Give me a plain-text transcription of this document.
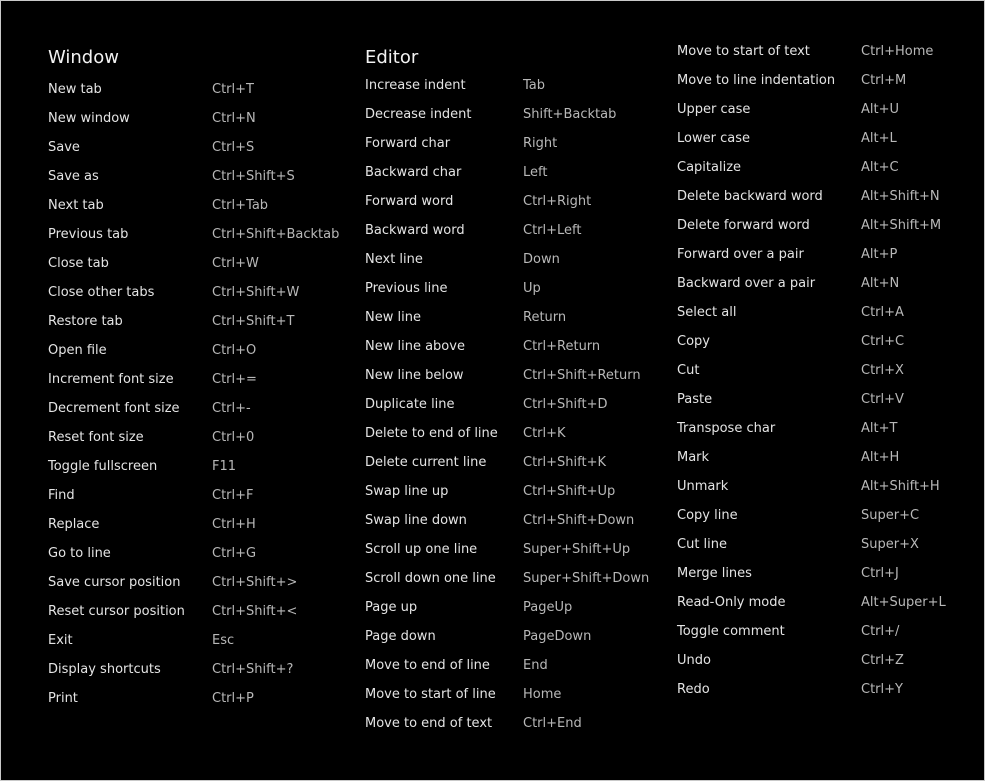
Window
New tab	Ctrl+T
New window	Ctrl+N
Save	Ctrl+S
Save as	Ctrl+Shift+S
Next tab	Ctrl+Tab
Previous tab	Ctrl+Shift+Backtab
Close tab	Ctrl+W
Close other tabs	Ctrl+Shift+W
Restore tab	Ctrl+Shift+T
Open file	Ctrl+O
Increment font size	Ctrl+=
Decrement font size Ctrl+-
Reset font size	Ctrl+0
Toggle fullscreen	F11
Find	Ctrl+F
Replace	Ctrl+H
Go to line	Ctrl+G
Save cursor position Ctrl+Shift+>
Reset cursor position Ctrl+Shift+<
Exit	Esc
Display shortcuts	Ctrl+Shift+?
Print	Ctrl+P
Editor
Increase indent	Tab
Decrease indent	Shift+Backtab
Forward char	Right
Backward char	Left
Forward word	Ctrl+Right
Backward word	Ctrl+Left
Next line	Down
Previous line	Up
New line	Return
New line above	Ctrl+Return
New line below	Ctrl+Shift+Return
Duplicate line	Ctrl+Shift+D
Delete to end of line Ctrl+K
Delete current line	Ctrl+Shift+K
Swap line up	Ctrl+Shift+Up
Swap line down	Ctrl+Shift+Down
Scroll up one line	Super+Shift+Up
Scroll down one line Super+Shift+Down
Page up	PageUp
Page down	PageDown
Move to end of line	End
Move to start of line Home
Move to end of text Ctrl+End
Move to start of text	Ctrl+Home
Move to line indentation Ctrl+M
Upper case	Alt+U
Lower case	Alt+L
Capitalize	Alt+C
Delete backward word	Alt+Shift+N
Delete forward word	Alt+Shift+M
Forward over a pair	Alt+P
Backward over a pair	Alt+N
Select all	Ctrl+A
Copy	Ctrl+C
Cut	Ctrl+X
Paste	Ctrl+V
Transpose char	Alt+T
Mark	Alt+H
Unmark	Alt+Shift+H
Copy line	Super+C
Cut line	Super+X
Merge lines	Ctrl+J
Read-Only mode	Alt+Super+L
Toggle comment	Ctrl+/
Undo	Ctrl+Z
Redo	Ctrl+Y
